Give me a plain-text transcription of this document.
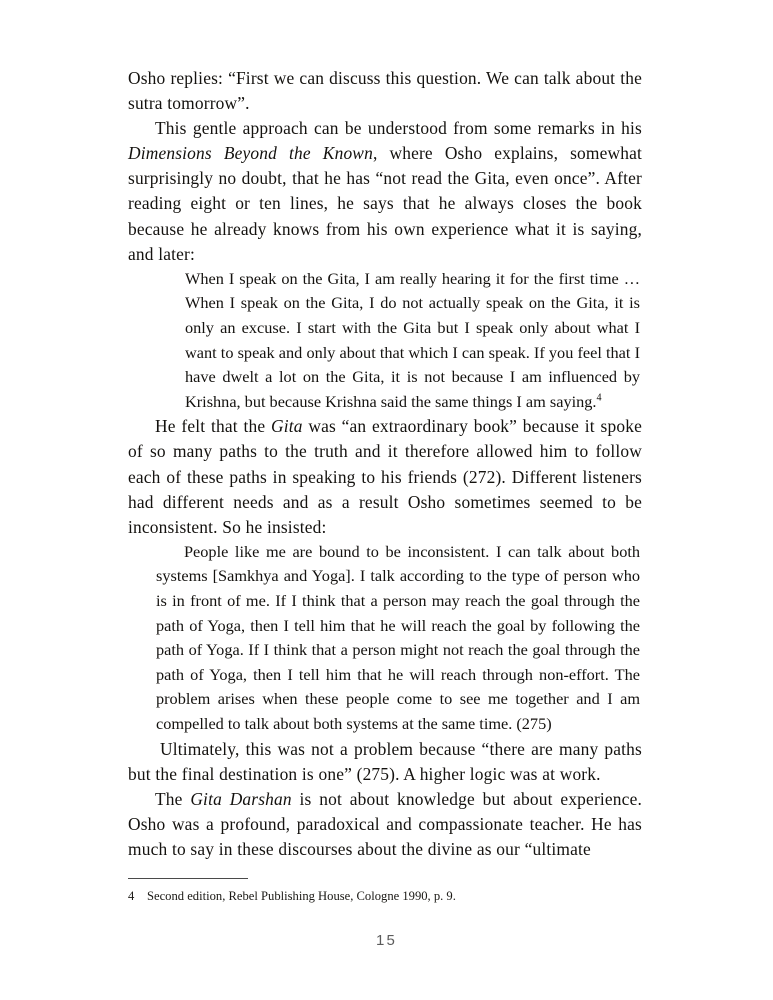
Osho replies: “First we can discuss this question. We can talk about the sutra tomorrow”.

This gentle approach can be understood from some remarks in his Dimensions Beyond the Known, where Osho explains, somewhat surprisingly no doubt, that he has “not read the Gita, even once”. After reading eight or ten lines, he says that he always closes the book because he already knows from his own experience what it is saying, and later:

When I speak on the Gita, I am really hearing it for the first time … When I speak on the Gita, I do not actually speak on the Gita, it is only an excuse. I start with the Gita but I speak only about what I want to speak and only about that which I can speak. If you feel that I have dwelt a lot on the Gita, it is not because I am influenced by Krishna, but because Krishna said the same things I am saying.$^4$

He felt that the Gita was “an extraordinary book” because it spoke of so many paths to the truth and it therefore allowed him to follow each of these paths in speaking to his friends (272). Different listeners had different needs and as a result Osho sometimes seemed to be inconsistent. So he insisted:

People like me are bound to be inconsistent. I can talk about both systems [Samkhya and Yoga]. I talk according to the type of person who is in front of me. If I think that a person may reach the goal through the path of Yoga, then I tell him that he will reach the goal by following the path of Yoga. If I think that a person might not reach the goal through the path of Yoga, then I tell him that he will reach through non-effort. The problem arises when these people come to see me together and I am compelled to talk about both systems at the same time. (275)

Ultimately, this was not a problem because “there are many paths but the final destination is one” (275). A higher logic was at work.

The Gita Darshan is not about knowledge but about experience. Osho was a profound, paradoxical and compassionate teacher. He has much to say in these discourses about the divine as our “ultimate

4 Second edition, Rebel Publishing House, Cologne 1990, p. 9.
15
